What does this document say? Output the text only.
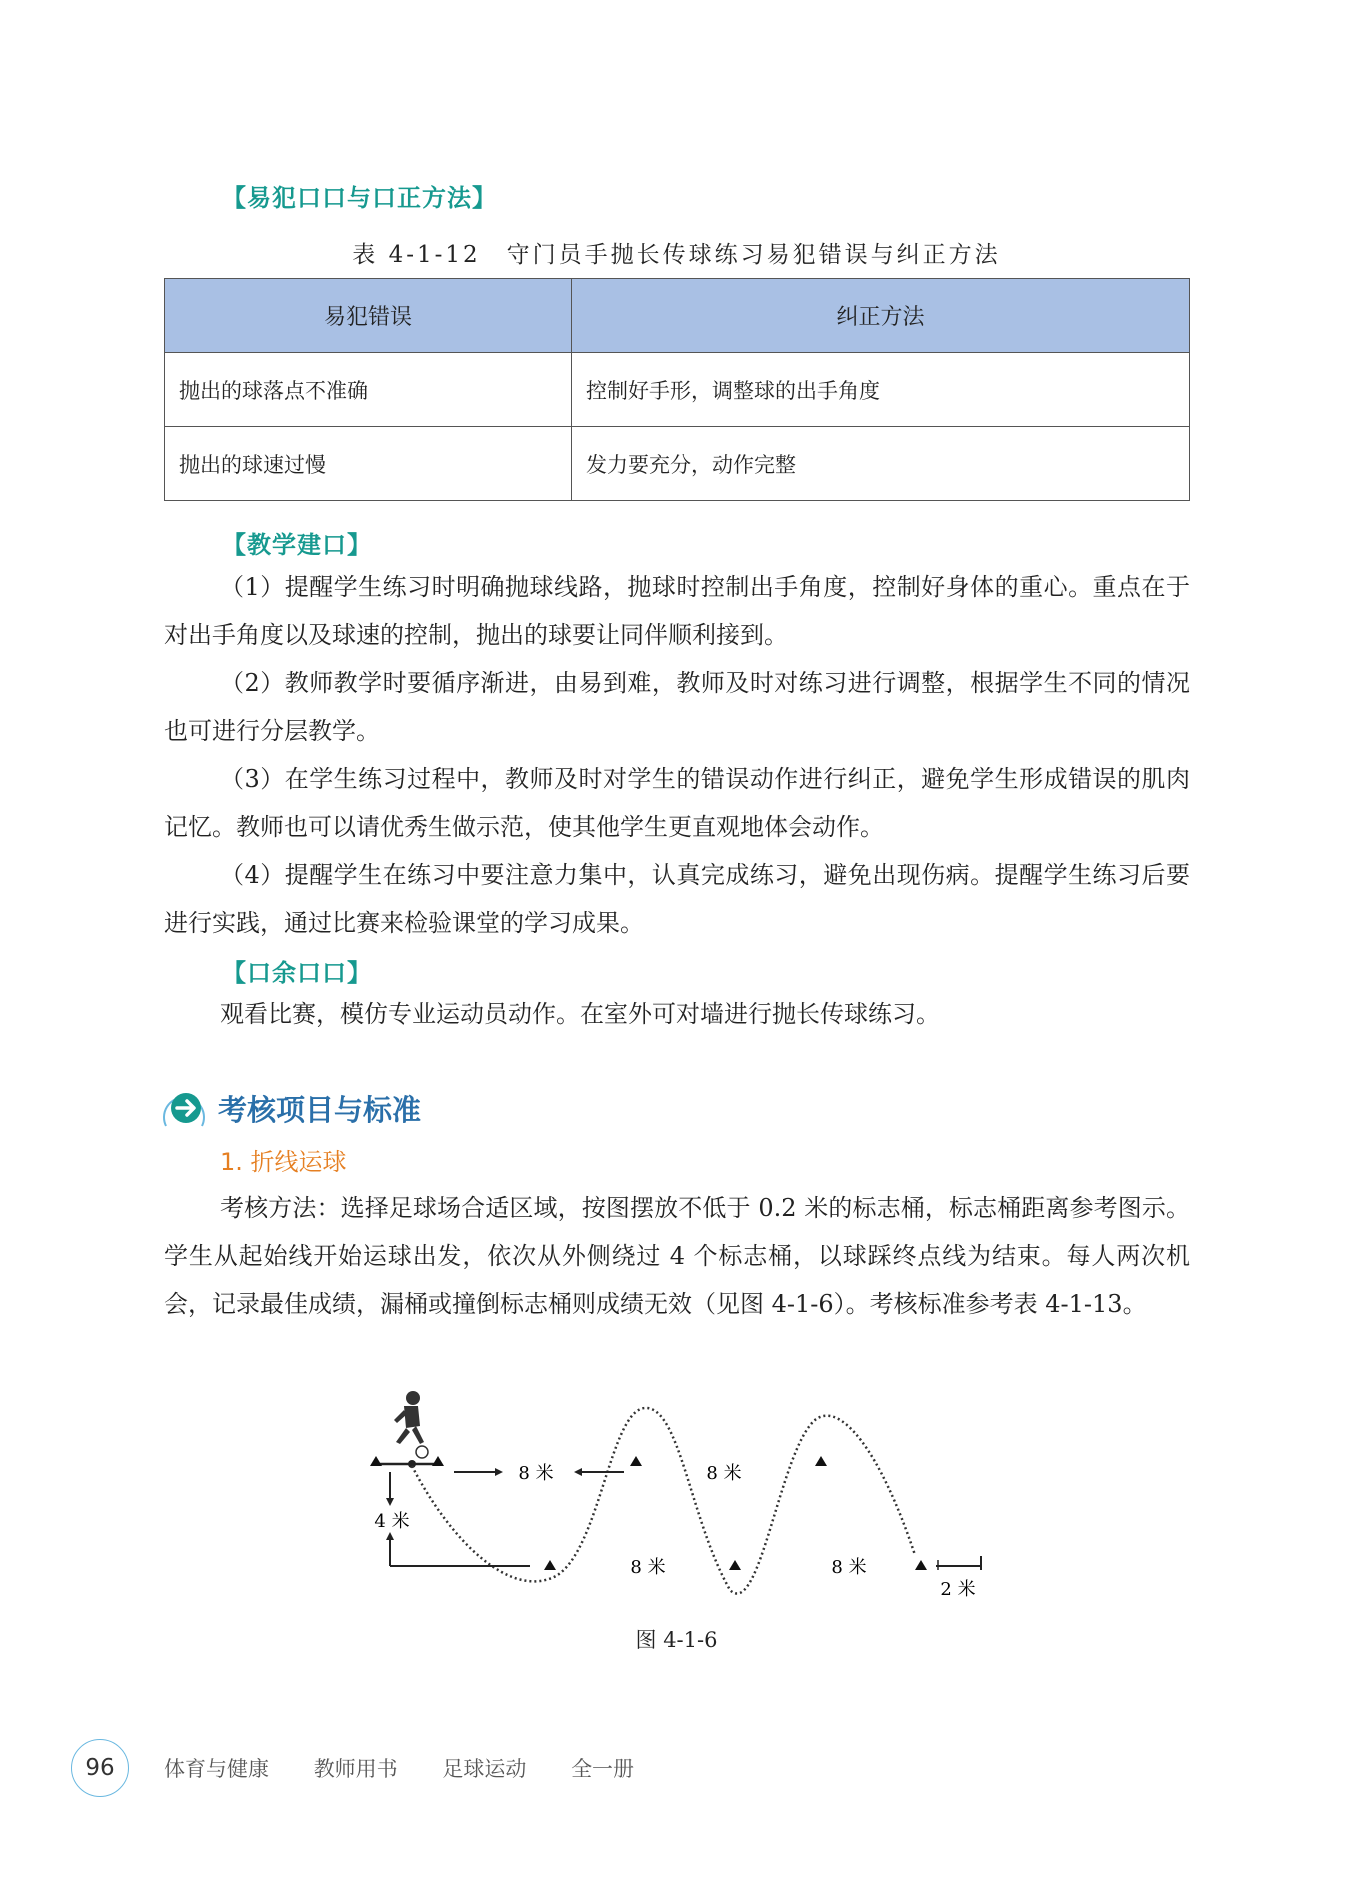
【易犯口口与口正方法】
表 4-1-12　守门员手抛长传球练习易犯错误与纠正方法
易犯错误	纠正方法
抛出的球落点不准确	控制好手形，调整球的出手角度
抛出的球速过慢	发力要充分，动作完整
【教学建口】

（1）提醒学生练习时明确抛球线路，抛球时控制出手角度，控制好身体的重心。重点在于对出手角度以及球速的控制，抛出的球要让同伴顺利接到。

（2）教师教学时要循序渐进，由易到难，教师及时对练习进行调整，根据学生不同的情况也可进行分层教学。

（3）在学生练习过程中，教师及时对学生的错误动作进行纠正，避免学生形成错误的肌肉记忆。教师也可以请优秀生做示范，使其他学生更直观地体会动作。

（4）提醒学生在练习中要注意力集中，认真完成练习，避免出现伤病。提醒学生练习后要进行实践，通过比赛来检验课堂的学习成果。

【口余口口】

观看比赛，模仿专业运动员动作。在室外可对墙进行抛长传球练习。

考核项目与标准
1. 折线运球

考核方法：选择足球场合适区域，按图摆放不低于 0.2 米的标志桶，标志桶距离参考图示。学生从起始线开始运球出发，依次从外侧绕过 4 个标志桶，以球踩终点线为结束。每人两次机会，记录最佳成绩，漏桶或撞倒标志桶则成绩无效（见图 4-1-6）。考核标准参考表 4-1-13。

8 米	8 米
8 米	8 米
4 米
2 米
图 4-1-6
96	体育与健康 教师用书 足球运动 全一册
